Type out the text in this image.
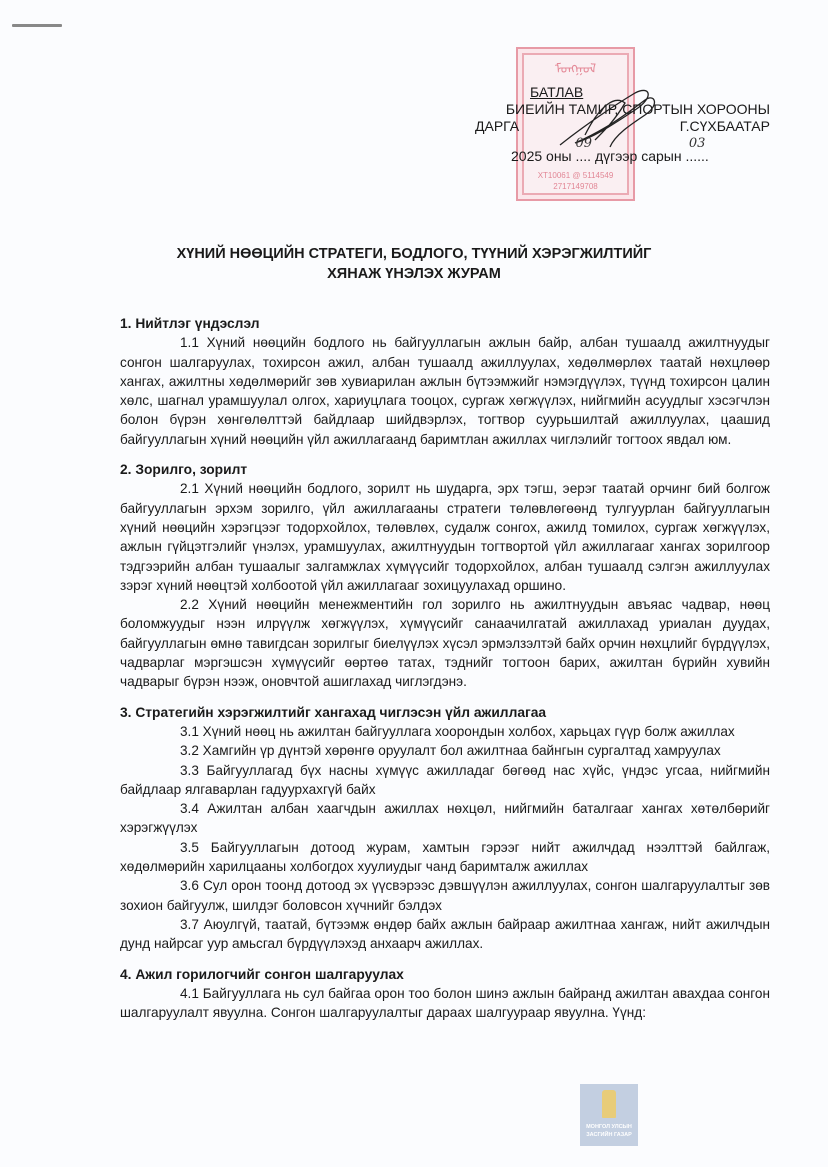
ᠮᠣᠩᠭᠣᠯ
ХТ10061 @ 5114549
2717149708
БАТЛАВ
БИЕИЙН ТАМИР, СПОРТЫН ХОРООНЫ
ДАРГА	Г.СҮХБААТАР
2025 оны
09
.... дүгээр сарын
03
......
ХҮНИЙ НӨӨЦИЙН СТРАТЕГИ, БОДЛОГО, ТҮҮНИЙ ХЭРЭГЖИЛТИЙГ
ХЯНАЖ ҮНЭЛЭХ ЖУРАМ
1. Нийтлэг үндэслэл

1.1 Хүний нөөцийн бодлого нь байгууллагын ажлын байр, албан тушаалд ажилтнуудыг сонгон шалгаруулах, тохирсон ажил, албан тушаалд ажиллуулах, хөдөлмөрлөх таатай нөхцлөөр хангах, ажилтны хөдөлмөрийг зөв хувиарилан ажлын бүтээмжийг нэмэгдүүлэх, түүнд тохирсон цалин хөлс, шагнал урамшуулал олгох, хариуцлага тооцох, сургаж хөгжүүлэх, нийгмийн асуудлыг хэсэгчлэн болон бүрэн хөнгөлөлттэй байдлаар шийдвэрлэх, тогтвор суурьшилтай ажиллуулах, цаашид байгууллагын хүний нөөцийн үйл ажиллагаанд баримтлан ажиллах чиглэлийг тогтоох явдал юм.

2. Зорилго, зорилт

2.1 Хүний нөөцийн бодлого, зорилт нь шударга, эрх тэгш, эерэг таатай орчинг бий болгож байгууллагын эрхэм зорилго, үйл ажиллагааны стратеги төлөвлөгөөнд тулгуурлан байгууллагын хүний нөөцийн хэрэгцээг тодорхойлох, төлөвлөх, судалж сонгох, ажилд томилох, сургаж хөгжүүлэх, ажлын гүйцэтгэлийг үнэлэх, урамшуулах, ажилтнуудын тогтвортой үйл ажиллагааг хангах зорилгоор тэдгээрийн албан тушаалыг залгамжлах хүмүүсийг тодорхойлох, албан тушаалд сэлгэн ажиллуулах зэрэг хүний нөөцтэй холбоотой үйл ажиллагааг зохицуулахад оршино.

2.2 Хүний нөөцийн менежментийн гол зорилго нь ажилтнуудын авъяас чадвар, нөөц боломжуудыг нээн илрүүлж хөгжүүлэх, хүмүүсийг санаачилгатай ажиллахад уриалан дуудах, байгууллагын өмнө тавигдсан зорилгыг биелүүлэх хүсэл эрмэлзэлтэй байх орчин нөхцлийг бүрдүүлэх, чадварлаг мэргэшсэн хүмүүсийг өөртөө татах, тэднийг тогтоон барих, ажилтан бүрийн хувийн чадварыг бүрэн нээж, оновчтой ашиглахад чиглэгдэнэ.

3. Стратегийн хэрэгжилтийг хангахад чиглэсэн үйл ажиллагаа

3.1 Хүний нөөц нь ажилтан байгууллага хоорондын холбох, харьцах гүүр болж ажиллах

3.2 Хамгийн үр дүнтэй хөрөнгө оруулалт бол ажилтнаа байнгын сургалтад хамруулах

3.3 Байгууллагад бүх насны хүмүүс ажилладаг бөгөөд нас хүйс, үндэс угсаа, нийгмийн байдлаар ялгаварлан гадуурхахгүй байх

3.4 Ажилтан албан хаагчдын ажиллах нөхцөл, нийгмийн баталгааг хангах хөтөлбөрийг хэрэгжүүлэх

3.5 Байгууллагын дотоод журам, хамтын гэрээг нийт ажилчдад нээлттэй байлгаж, хөдөлмөрийн харилцааны холбогдох хуулиудыг чанд баримталж ажиллах

3.6 Сул орон тоонд дотоод эх үүсвэрээс дэвшүүлэн ажиллуулах, сонгон шалгаруулалтыг зөв зохион байгуулж, шилдэг боловсон хүчнийг бэлдэх

3.7 Аюулгүй, таатай, бүтээмж өндөр байх ажлын байраар ажилтнаа хангаж, нийт ажилчдын дунд найрсаг уур амьсгал бүрдүүлэхэд анхаарч ажиллах.

4. Ажил горилогчийг сонгон шалгаруулах

4.1 Байгууллага нь сул байгаа орон тоо болон шинэ ажлын байранд ажилтан авахдаа сонгон шалгаруулалт явуулна. Сонгон шалгаруулалтыг дараах шалгуураар явуулна. Үүнд:

МОНГОЛ УЛСЫН
ЗАСГИЙН ГАЗАР
